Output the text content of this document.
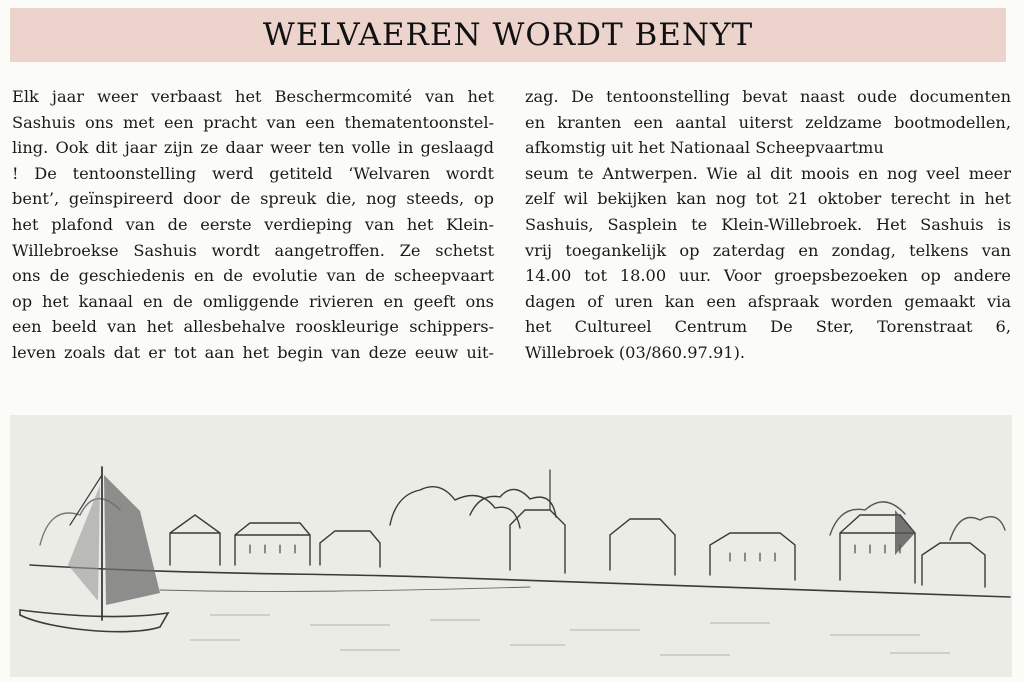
WELVAEREN WORDT BENYT
Elk jaar weer verbaast het Beschermcomité van het
Sashuis ons met een pracht van een thematentoonstel-
ling. Ook dit jaar zijn ze daar weer ten volle in geslaagd
! De tentoonstelling werd getiteld ‘Welvaren wordt
bent’, geïnspireerd door de spreuk die, nog steeds, op
het plafond van de eerste verdieping van het Klein-
Willebroekse Sashuis wordt aangetroffen. Ze schetst
ons de geschiedenis en de evolutie van de scheepvaart
op het kanaal en de omliggende rivieren en geeft ons
een beeld van het allesbehalve rooskleurige schippers-
leven zoals dat er tot aan het begin van deze eeuw uit-
zag. De tentoonstelling bevat naast oude documenten
en kranten een aantal uiterst zeldzame bootmodellen,
afkomstig uit het Nationaal Scheepvaartmu
seum te Antwerpen. Wie al dit moois en nog veel meer
zelf wil bekijken kan nog tot 21 oktober terecht in het
Sashuis, Sasplein te Klein-Willebroek. Het Sashuis is
vrij toegankelijk op zaterdag en zondag, telkens van
14.00 tot 18.00 uur. Voor groepsbezoeken op andere
dagen of uren kan een afspraak worden gemaakt via
het Cultureel Centrum De Ster, Torenstraat 6,
Willebroek (03/860.97.91).
